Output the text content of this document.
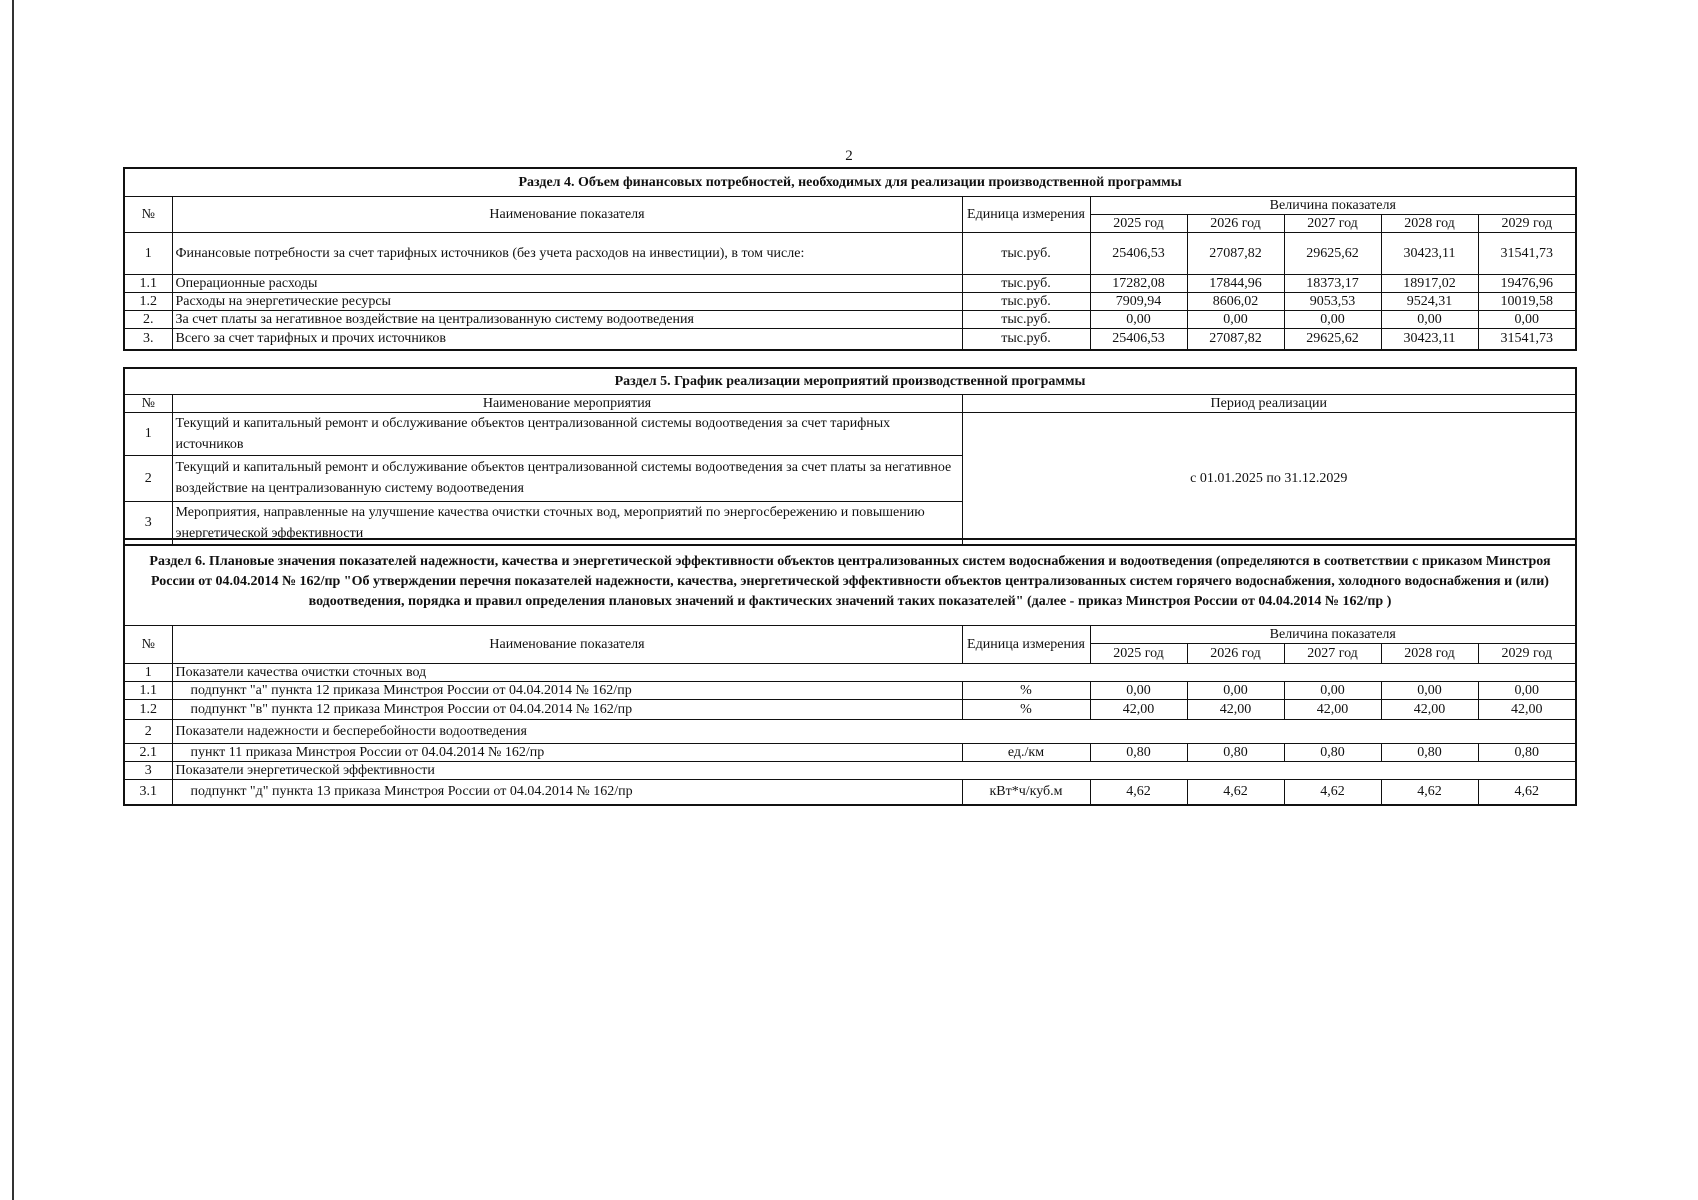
2
Раздел 4. Объем финансовых потребностей, необходимых для реализации производственной программы							
№	Наименование показателя	Единица измерения	Величина показателя				
			2025 год	2026 год	2027 год	2028 год	2029 год
1	Финансовые потребности за счет тарифных источников (без учета расходов на инвестиции), в том числе:	тыс.руб.	25406,53	27087,82	29625,62	30423,11	31541,73
1.1	Операционные расходы	тыс.руб.	17282,08	17844,96	18373,17	18917,02	19476,96
1.2	Расходы на энергетические ресурсы	тыс.руб.	7909,94	8606,02	9053,53	9524,31	10019,58
2.	За счет платы за негативное воздействие на централизованную систему водоотведения	тыс.руб.	0,00	0,00	0,00	0,00	0,00
3.	Всего за счет тарифных и прочих источников	тыс.руб.	25406,53	27087,82	29625,62	30423,11	31541,73
Раздел 5. График реализации мероприятий производственной программы		
№	Наименование мероприятия	Период реализации
1	Текущий и капитальный ремонт и обслуживание объектов централизованной системы водоотведения за счет тарифных источников	с 01.01.2025 по 31.12.2029
2	Текущий и капитальный ремонт и обслуживание объектов централизованной системы водоотведения за счет платы за негативное воздействие на централизованную систему водоотведения	
3	Мероприятия, направленные на улучшение качества очистки сточных вод, мероприятий по энергосбережению и повышению энергетической эффективности	
Раздел 6. Плановые значения показателей надежности, качества и энергетической эффективности объектов централизованных систем водоснабжения и водоотведения (определяются в соответствии с приказом Минстроя России от 04.04.2014 № 162/пр "Об утверждении перечня показателей надежности, качества, энергетической эффективности объектов централизованных систем горячего водоснабжения, холодного водоснабжения и (или) водоотведения, порядка и правил определения плановых значений и фактических значений таких показателей" (далее - приказ Минстроя России от 04.04.2014 № 162/пр )							
№	Наименование показателя	Единица измерения	Величина показателя				
			2025 год	2026 год	2027 год	2028 год	2029 год
1	Показатели качества очистки сточных вод						
1.1	подпункт "а" пункта 12 приказа Минстроя России от 04.04.2014 № 162/пр	%	0,00	0,00	0,00	0,00	0,00
1.2	подпункт "в" пункта 12 приказа Минстроя России от 04.04.2014 № 162/пр	%	42,00	42,00	42,00	42,00	42,00
2	Показатели надежности и бесперебойности водоотведения						
2.1	пункт 11 приказа Минстроя России от 04.04.2014 № 162/пр	ед./км	0,80	0,80	0,80	0,80	0,80
3	Показатели энергетической эффективности						
3.1	подпункт "д" пункта 13 приказа Минстроя России от 04.04.2014 № 162/пр	кВт*ч/куб.м	4,62	4,62	4,62	4,62	4,62
